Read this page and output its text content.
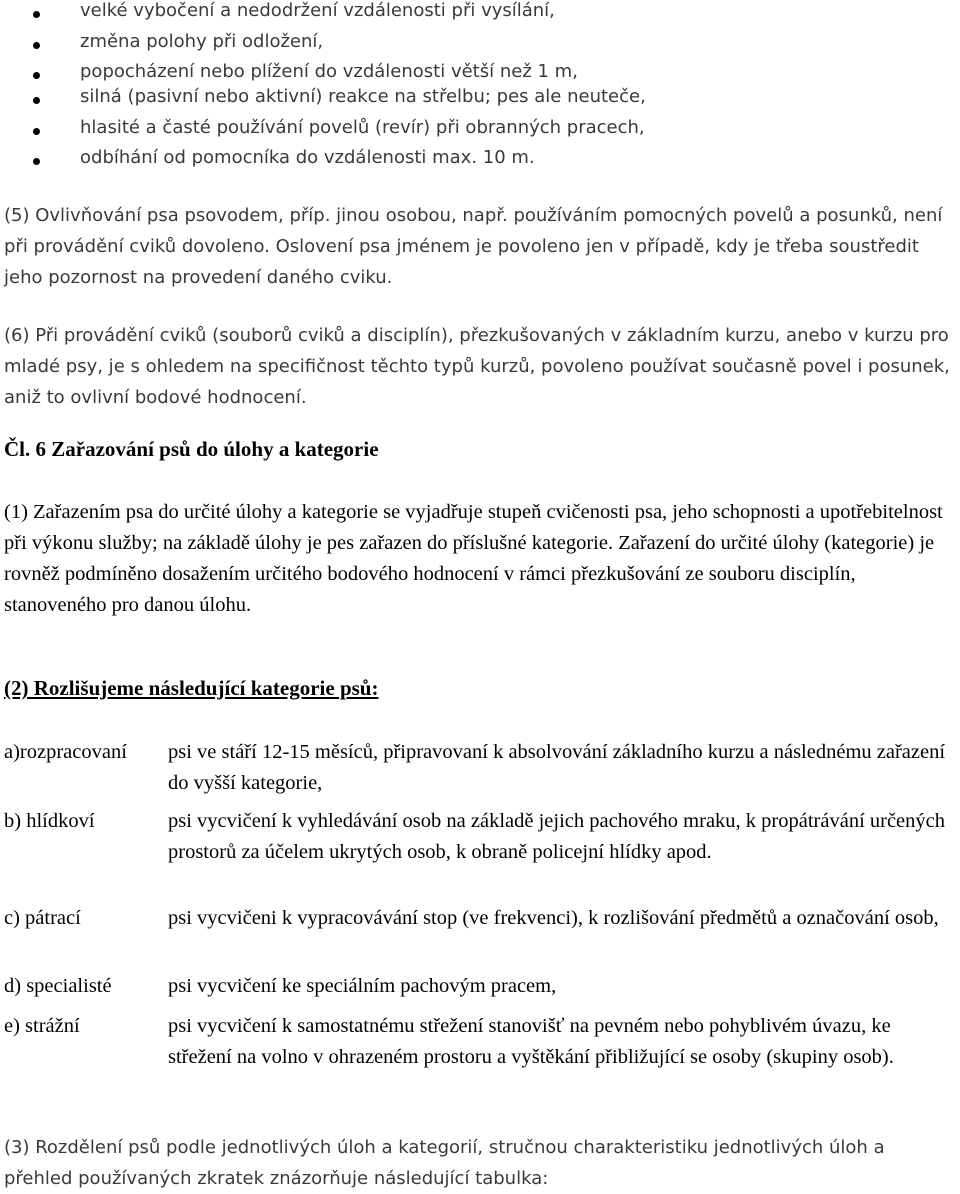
velké vybočení a nedodržení vzdálenosti při vysílání,
změna polohy při odložení,
popocházení nebo plížení do vzdálenosti větší než 1 m,
silná (pasivní nebo aktivní) reakce na střelbu; pes ale neuteče,
hlasité a časté používání povelů (revír) při obranných pracech,
odbíhání od pomocníka do vzdálenosti max. 10 m.

(5) Ovlivňování psa psovodem, příp. jinou osobou, např. používáním pomocných povelů a posunků, není při provádění cviků dovoleno. Oslovení psa jménem je povoleno jen v případě, kdy je třeba soustředit jeho pozornost na provedení daného cviku.

(6) Při provádění cviků (souborů cviků a disciplín), přezkušovaných v základním kurzu, anebo v kurzu pro mladé psy, je s ohledem na specifičnost těchto typů kurzů, povoleno používat současně povel i posunek, aniž to ovlivní bodové hodnocení.

Čl. 6 Zařazování psů do úlohy a kategorie

(1) Zařazením psa do určité úlohy a kategorie se vyjadřuje stupeň cvičenosti psa, jeho schopnosti a upotřebitelnost při výkonu služby; na základě úlohy je pes zařazen do příslušné kategorie. Zařazení do určité úlohy (kategorie) je rovněž podmíněno dosažením určitého bodového hodnocení v rámci přezkušování ze souboru disciplín, stanoveného pro danou úlohu.

(2) Rozlišujeme následující kategorie psů:

a)rozpracovaní psi ve stáří 12-15 měsíců, připravovaní k absolvování základního kurzu a následnému zařazení do vyšší kategorie,
b) hlídkoví	psi vycvičení k vyhledávání osob na základě jejich pachového mraku, k propátrávání určených prostorů za účelem ukrytých osob, k obraně policejní hlídky apod.
c) pátrací	psi vycvičeni k vypracovávání stop (ve frekvenci), k rozlišování předmětů a označování osob,
d) specialisté	psi vycvičení ke speciálním pachovým pracem,
e) strážní	psi vycvičení k samostatnému střežení stanovišť na pevném nebo pohyblivém úvazu, ke střežení na volno v ohrazeném prostoru a vyštěkání přibližující se osoby (skupiny osob).

(3) Rozdělení psů podle jednotlivých úloh a kategorií, stručnou charakteristiku jednotlivých úloh a přehled používaných zkratek znázorňuje následující tabulka:
